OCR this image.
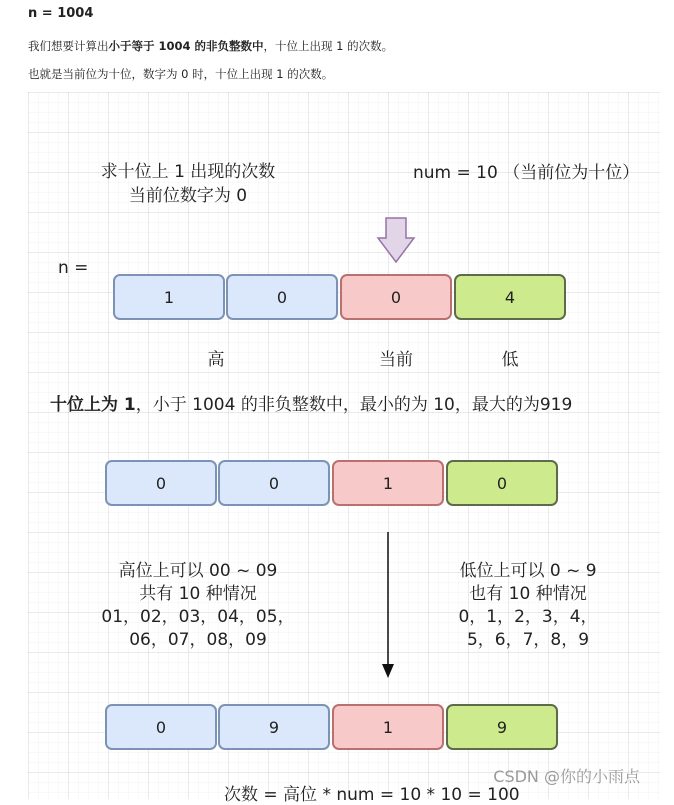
n = 1004
我们想要计算出小于等于 1004 的非负整数中，十位上出现 1 的次数。
也就是当前位为十位，数字为 0 时，十位上出现 1 的次数。
求十位上 1 出现的次数
当前位数字为 0
num = 10 （当前位为十位）
n =
1	0	0	4
高	当前	低
十位上为 1，小于 1004 的非负整数中，最小的为 10，最大的为919
0	0	1	0
高位上可以 00 ~ 09
共有 10 种情况
01，02，03，04，05，
06，07，08，09
低位上可以 0 ~ 9
也有 10 种情况
0，1，2，3，4，
5，6，7，8，9
0	9	1	9
次数 = 高位 * num = 10 * 10 = 100
CSDN @你的小雨点
